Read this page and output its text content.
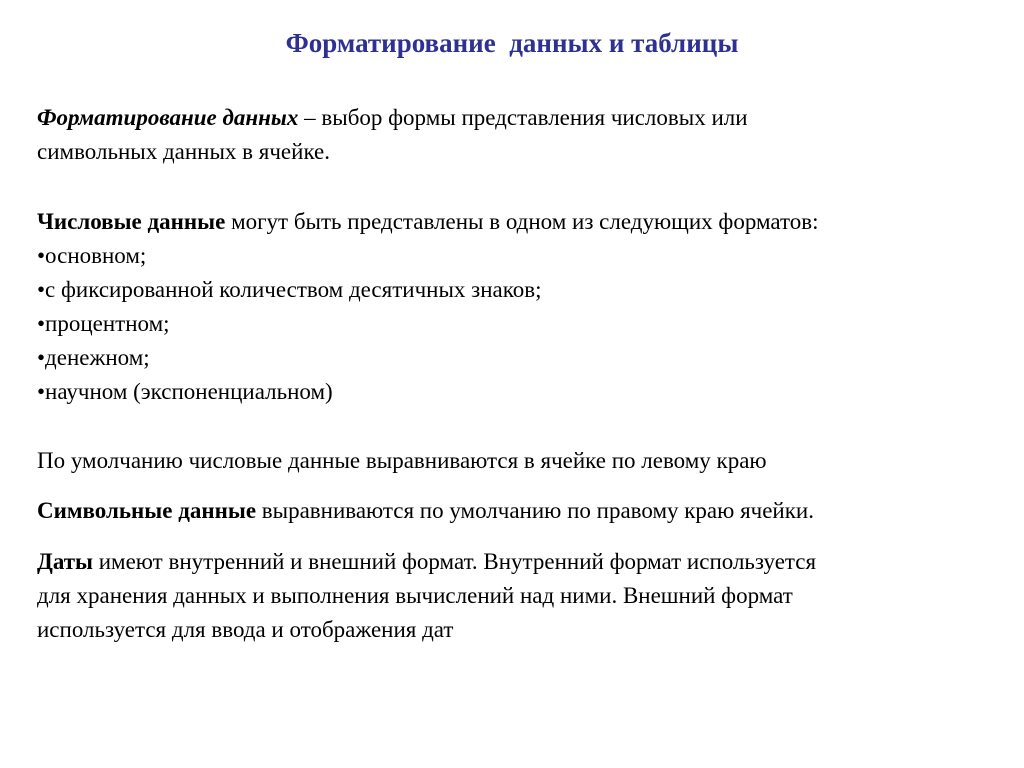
Форматирование  данных и таблицы
Форматирование данных – выбор формы представления числовых или
символьных данных в ячейке.
Числовые данные могут быть представлены в одном из следующих форматов:
•основном;
•с фиксированной количеством десятичных знаков;
•процентном;
•денежном;
•научном (экспоненциальном)
По умолчанию числовые данные выравниваются в ячейке по левому краю
Символьные данные выравниваются по умолчанию по правому краю ячейки.
Даты имеют внутренний и внешний формат. Внутренний формат используется
для хранения данных и выполнения вычислений над ними. Внешний формат
используется для ввода и отображения дат
